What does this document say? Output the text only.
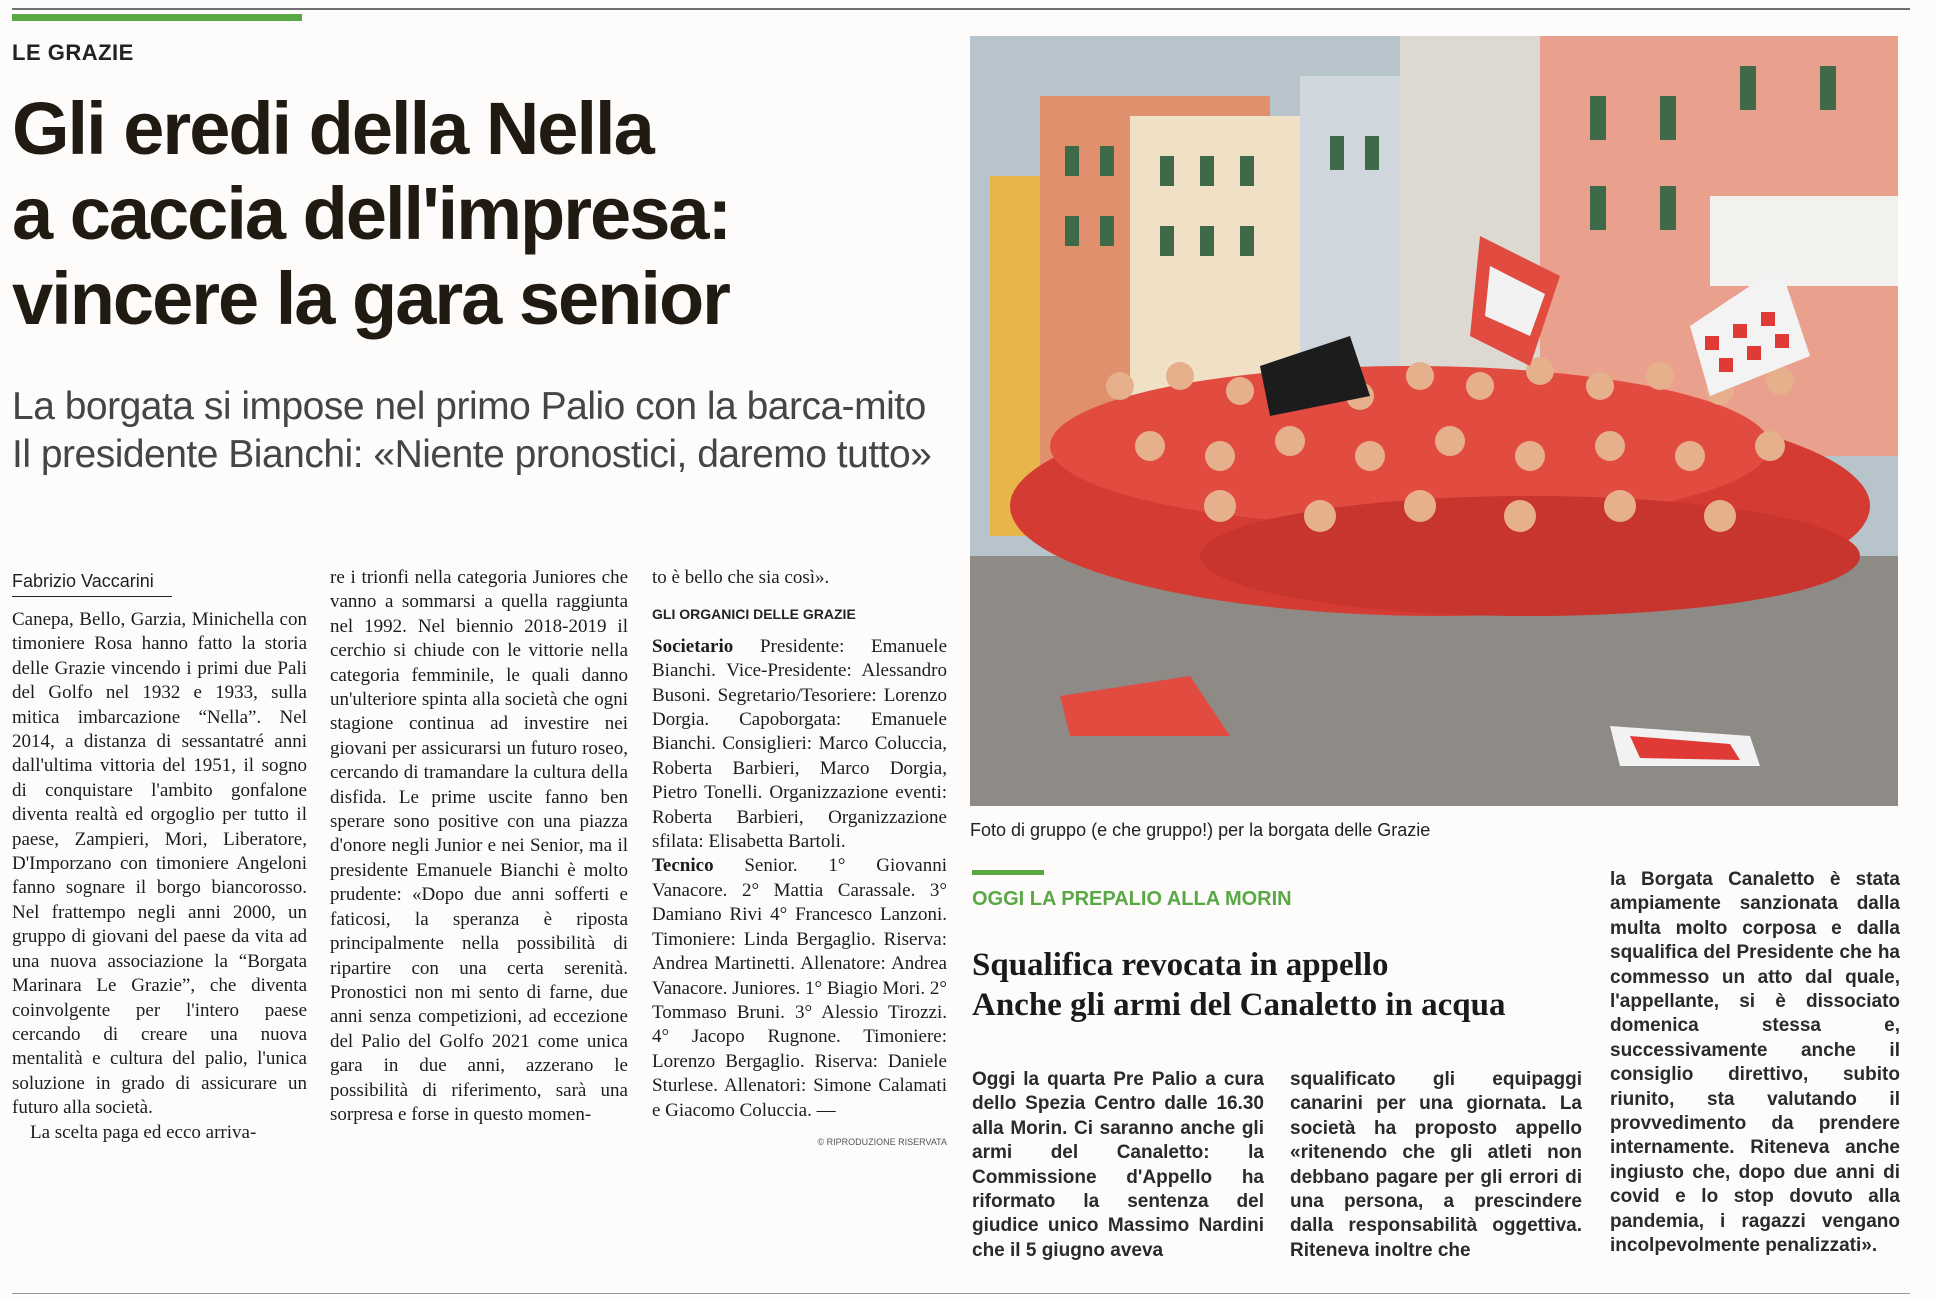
LE GRAZIE
Gli eredi della Nella
a caccia dell'impresa:
vincere la gara senior
La borgata si impose nel primo Palio con la barca-mito
Il presidente Bianchi: «Niente pronostici, daremo tutto»
Fabrizio Vaccarini

Canepa, Bello, Garzia, Minichella con timoniere Rosa hanno fatto la storia delle Grazie vincendo i primi due Pali del Golfo nel 1932 e 1933, sulla mitica imbarcazione “Nella”. Nel 2014, a distanza di sessantatré anni dall'ultima vittoria del 1951, il sogno di conquistare l'ambito gonfalone diventa realtà ed orgoglio per tutto il paese, Zampieri, Mori, Liberatore, D'Imporzano con timoniere Angeloni fanno sognare il borgo biancorosso. Nel frattempo negli anni 2000, un gruppo di giovani del paese da vita ad una nuova associazione la “Borgata Marinara Le Grazie”, che diventa coinvolgente per l'intero paese cercando di creare una nuova mentalità e cultura del palio, l'unica soluzione in grado di assicurare un futuro alla società.

La scelta paga ed ecco arriva-

re i trionfi nella categoria Juniores che vanno a sommarsi a quella raggiunta nel 1992. Nel biennio 2018-2019 il cerchio si chiude con le vittorie nella categoria femminile, le quali danno un'ulteriore spinta alla società che ogni stagione continua ad investire nei giovani per assicurarsi un futuro roseo, cercando di tramandare la cultura della disfida. Le prime uscite fanno ben sperare sono positive con una piazza d'onore negli Junior e nei Senior, ma il presidente Emanuele Bianchi è molto prudente: «Dopo due anni sofferti e faticosi, la speranza è riposta principalmente nella possibilità di ripartire con una certa serenità. Pronostici non mi sento di farne, due anni senza competizioni, ad eccezione del Palio del Golfo 2021 come unica gara in due anni, azzerano le possibilità di riferimento, sarà una sorpresa e forse in questo momen-

to è bello che sia così».

GLI ORGANICI DELLE GRAZIE
Societario Presidente: Emanuele Bianchi. Vice-Presidente: Alessandro Busoni. Segretario/Tesoriere: Lorenzo Dorgia. Capoborgata: Emanuele Bianchi. Consiglieri: Marco Coluccia, Roberta Barbieri, Marco Dorgia, Pietro Tonelli. Organizzazione eventi: Roberta Barbieri, Organizzazione sfilata: Elisabetta Bartoli.
Tecnico Senior. 1° Giovanni Vanacore. 2° Mattia Carassale. 3° Damiano Rivi 4° Francesco Lanzoni. Timoniere: Linda Bergaglio. Riserva: Andrea Martinetti. Allenatore: Andrea Vanacore. Juniores. 1° Biagio Mori. 2° Tommaso Bruni. 3° Alessio Tirozzi. 4° Jacopo Rugnone. Timoniere: Lorenzo Bergaglio. Riserva: Daniele Sturlese. Allenatori: Simone Calamati e Giacomo Coluccia. —
© RIPRODUZIONE RISERVATA
Foto di gruppo (e che gruppo!) per la borgata delle Grazie
OGGI LA PREPALIO ALLA MORIN
Squalifica revocata in appello
Anche gli armi del Canaletto in acqua
Oggi la quarta Pre Palio a cura dello Spezia Centro dalle 16.30 alla Morin. Ci saranno anche gli armi del Canaletto: la Commissione d'Appello ha riformato la sentenza del giudice unico Massimo Nardini che il 5 giugno aveva
squalificato gli equipaggi canarini per una giornata. La società ha proposto appello «ritenendo che gli atleti non debbano pagare per gli errori di una persona, a prescindere dalla responsabilità oggettiva. Riteneva inoltre che
la Borgata Canaletto è stata ampiamente sanzionata dalla multa molto corposa e dalla squalifica del Presidente che ha commesso un atto dal quale, l'appellante, si è dissociato domenica stessa e, successivamente anche il consiglio direttivo, subito riunito, sta valutando il provvedimento da prendere internamente. Riteneva anche ingiusto che, dopo due anni di covid e lo stop dovuto alla pandemia, i ragazzi vengano incolpevolmente penalizzati».
